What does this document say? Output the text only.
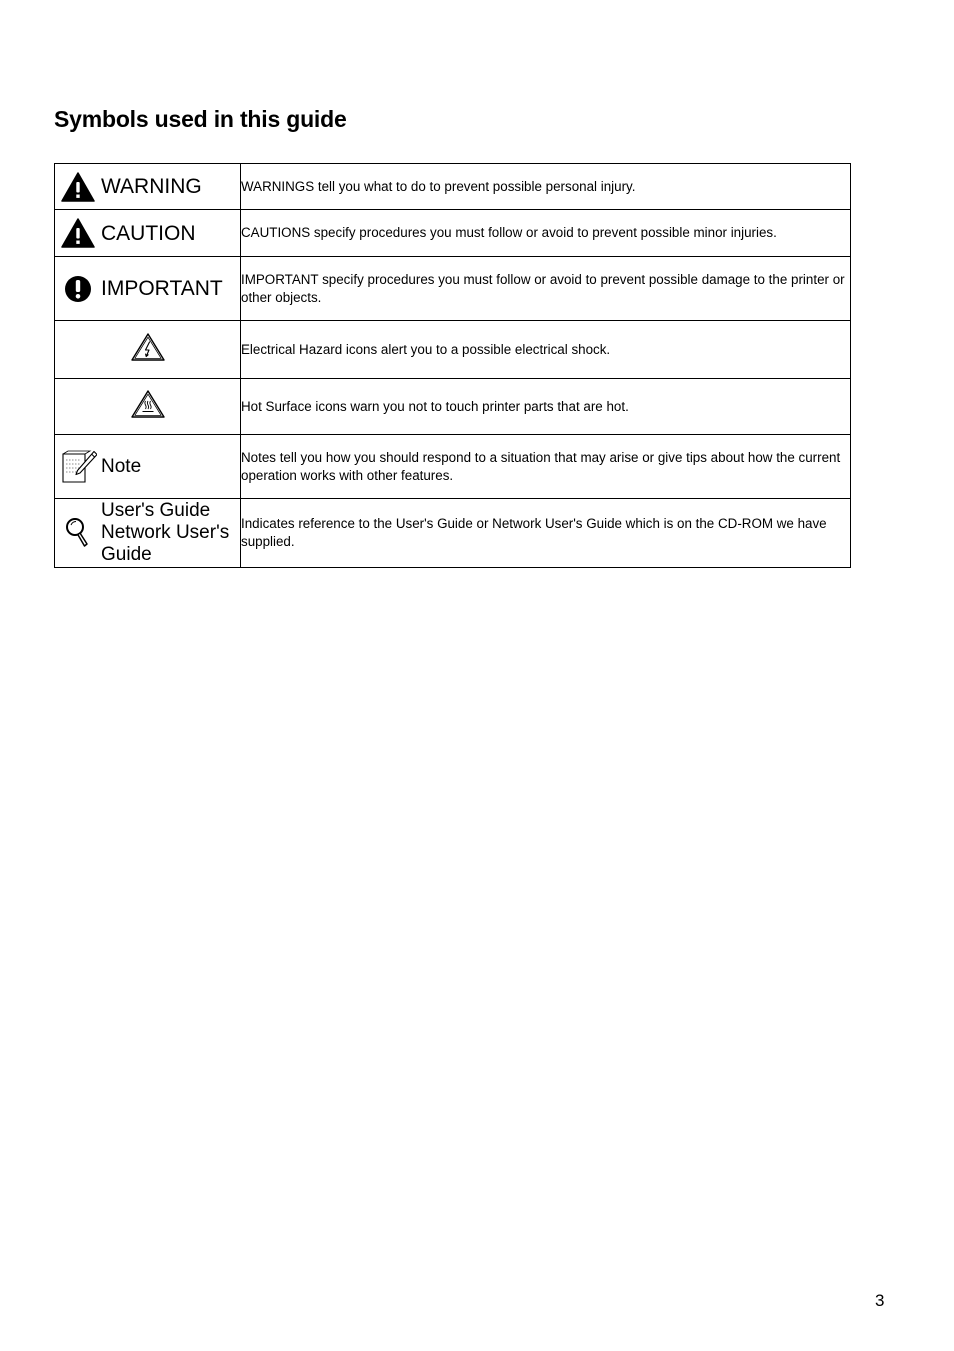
Symbols used in this guide
WARNING	WARNINGS tell you what to do to prevent possible personal injury.

CAUTION	CAUTIONS specify procedures you must follow or avoid to prevent possible minor injuries.

IMPORTANT	IMPORTANT specify procedures you must follow or avoid to prevent possible damage to the printer or other objects.

	Electrical Hazard icons alert you to a possible electrical shock.

	Hot Surface icons warn you not to touch printer parts that are hot.

Note	Notes tell you how you should respond to a situation that may arise or give tips about how the current operation works with other features.

User's Guide
Network User's
Guide	Indicates reference to the User's Guide or Network User's Guide which is on the CD-ROM we have supplied.
3
